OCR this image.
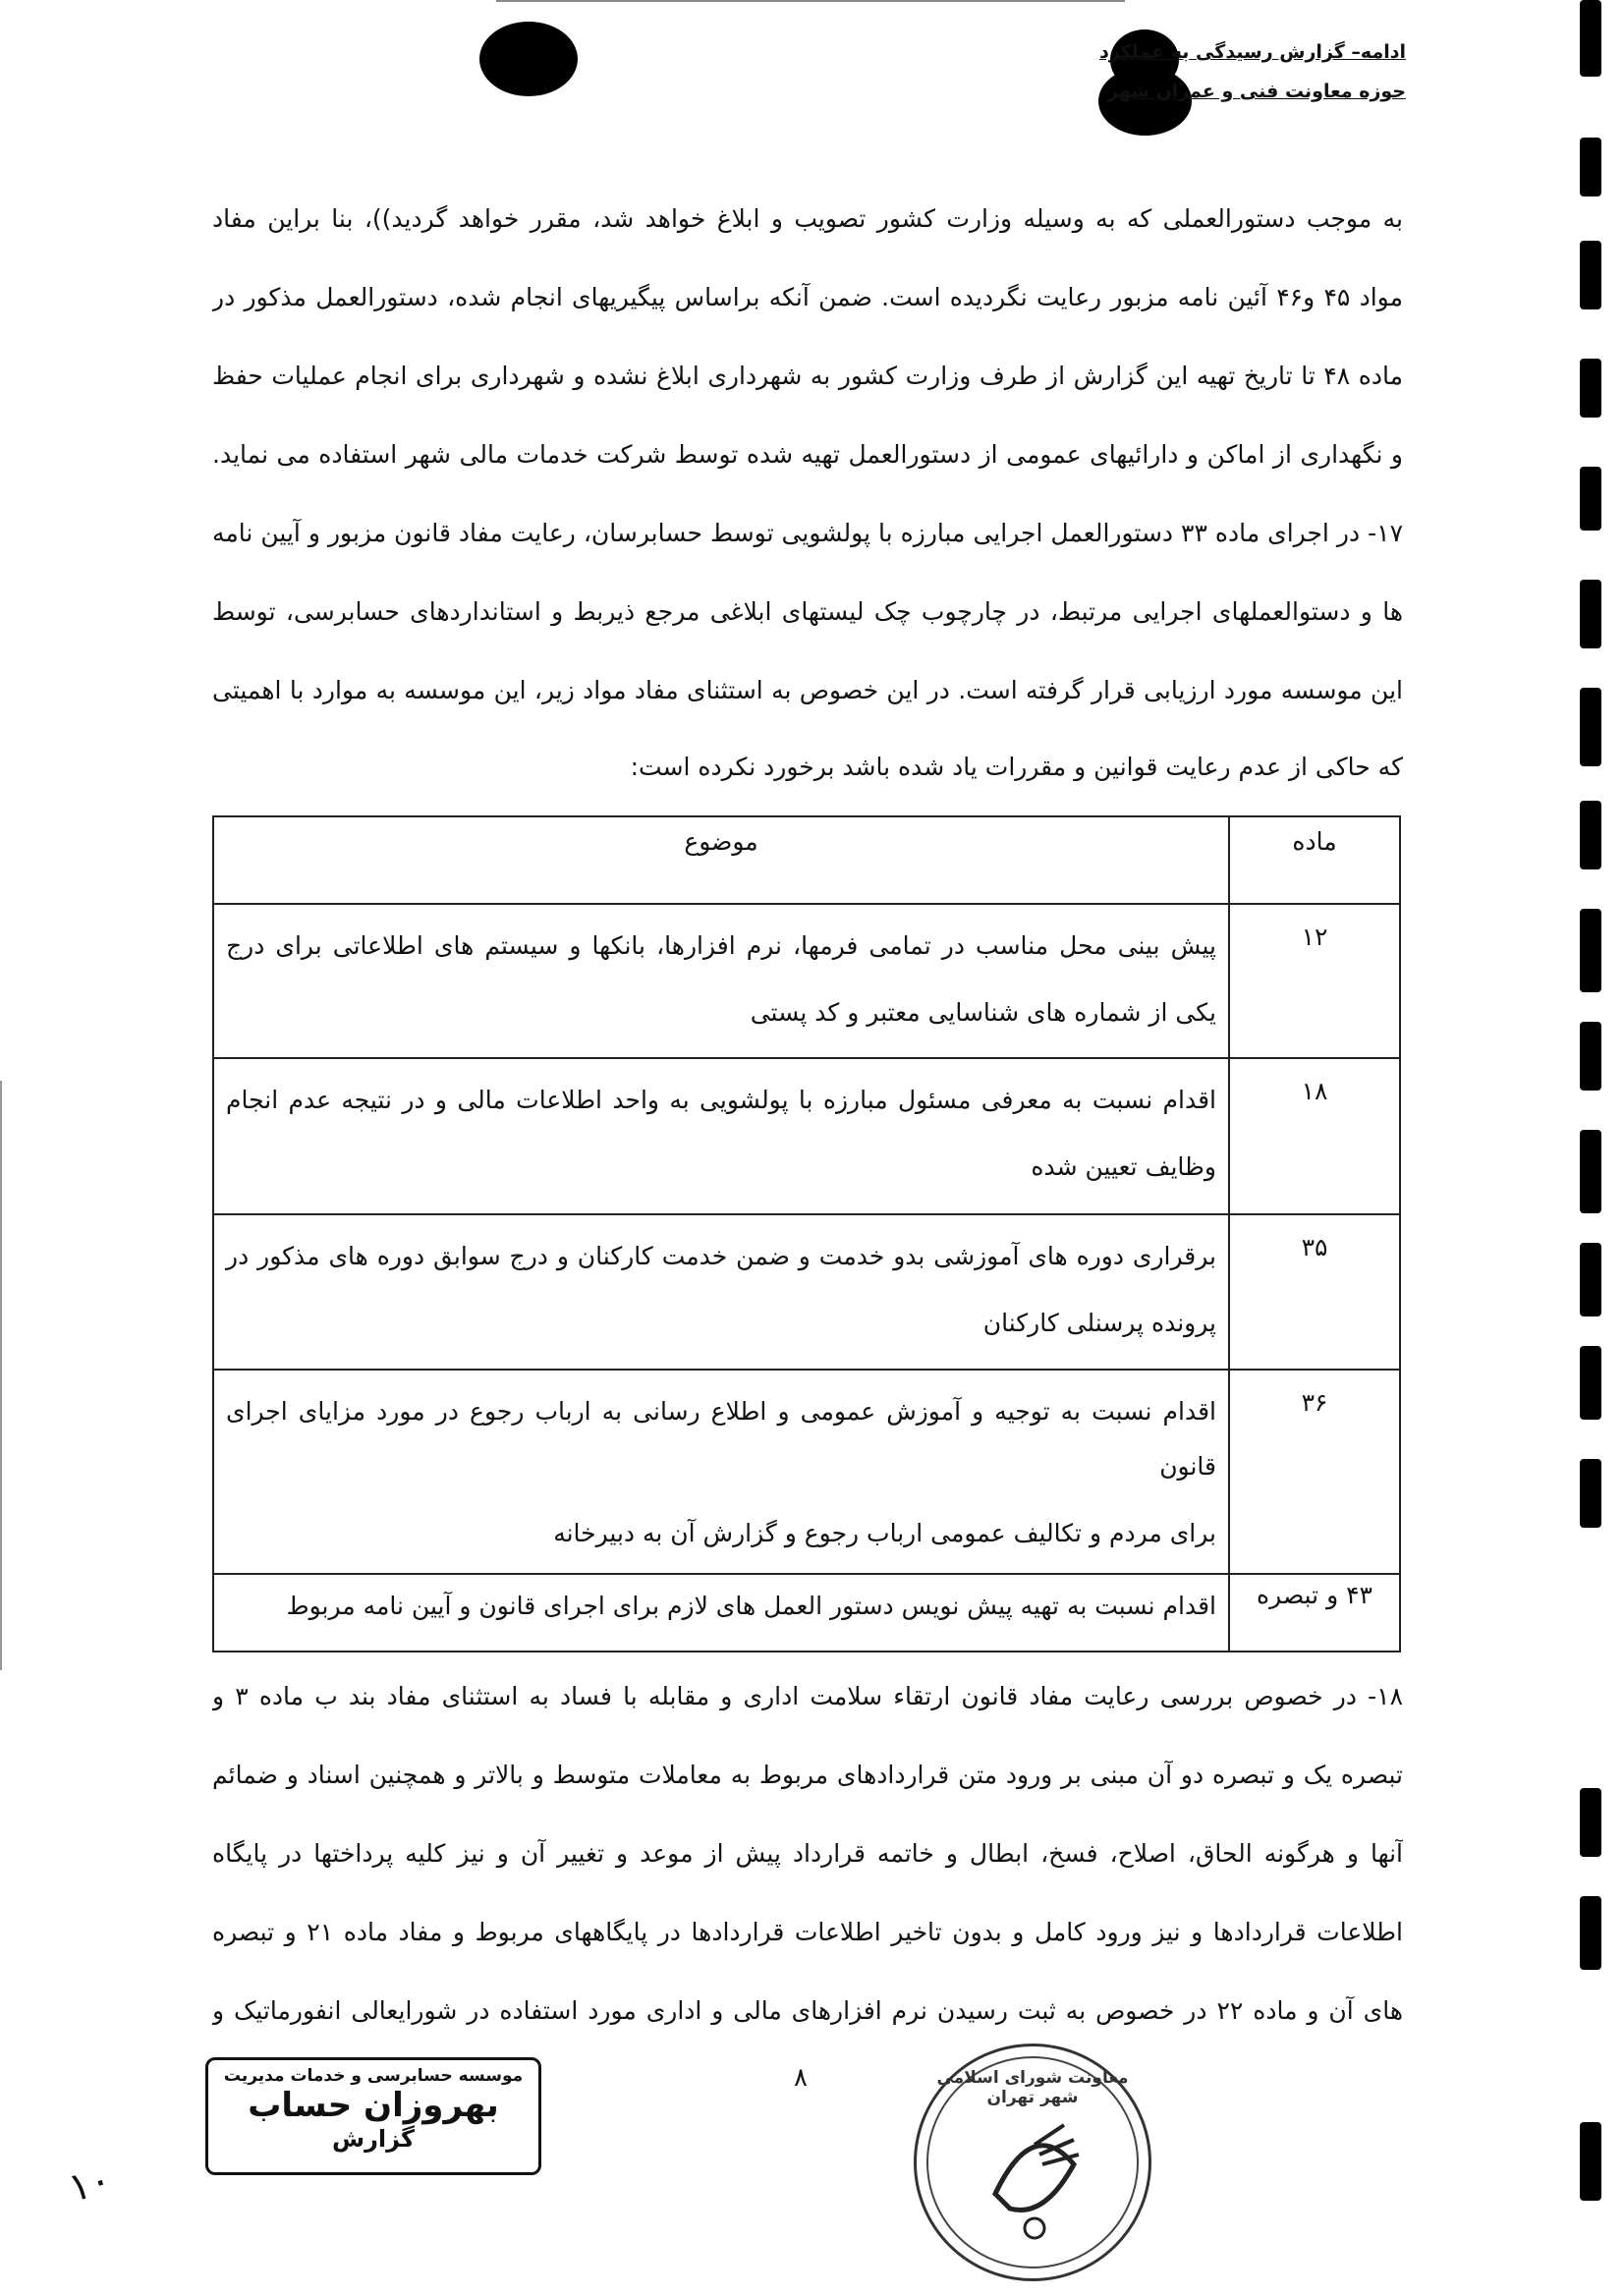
ادامه– گزارش رسیدگی به عملکرد
حوزه معاونت فنی و عمران شهر
به موجب دستورالعملی که به وسیله وزارت کشور تصویب و ابلاغ خواهد شد، مقرر خواهد گردید))، بنا براین مفاد
مواد ۴۵ و۴۶ آئین نامه مزبور رعایت نگردیده است. ضمن آنکه براساس پیگیریهای انجام شده، دستورالعمل مذکور در
ماده ۴۸ تا تاریخ تهیه این گزارش از طرف وزارت کشور به شهرداری ابلاغ نشده و شهرداری برای انجام عملیات حفظ
و نگهداری از اماکن و دارائیهای عمومی از دستورالعمل تهیه شده توسط شرکت خدمات مالی شهر استفاده می نماید.
۱۷- در اجرای ماده ۳۳ دستورالعمل اجرایی مبارزه با پولشویی توسط حسابرسان، رعایت مفاد قانون مزبور و آیین نامه
ها و دستوالعملهای اجرایی مرتبط، در چارچوب چک لیستهای ابلاغی مرجع ذیربط و استانداردهای حسابرسی، توسط
این موسسه مورد ارزیابی قرار گرفته است. در این خصوص به استثنای مفاد مواد زیر، این موسسه به موارد با اهمیتی
که حاکی از عدم رعایت قوانین و مقررات یاد شده باشد برخورد نکرده است:
ماده	موضوع
۱۲	پیش بینی محل مناسب در تمامی فرمها، نرم افزارها، بانکها و سیستم های اطلاعاتی برای درج
یکی از شماره های شناسایی معتبر و کد پستی

۱۸	اقدام نسبت به معرفی مسئول مبارزه با پولشویی به واحد اطلاعات مالی و در نتیجه عدم انجام
وظایف تعیین شده

۳۵	برقراری دوره های آموزشی بدو خدمت و ضمن خدمت کارکنان و درج سوابق دوره های مذکور در
پرونده پرسنلی کارکنان

۳۶	اقدام نسبت به توجیه و آموزش عمومی و اطلاع رسانی به ارباب رجوع در مورد مزایای اجرای قانون
برای مردم و تکالیف عمومی ارباب رجوع و گزارش آن به دبیرخانه

۴۳ و تبصره	اقدام نسبت به تهیه پیش نویس دستور العمل های لازم برای اجرای قانون و آیین نامه مربوط
۱۸- در خصوص بررسی رعایت مفاد قانون ارتقاء سلامت اداری و مقابله با فساد به استثنای مفاد بند ب ماده ۳ و
تبصره یک و تبصره دو آن مبنی بر ورود متن قراردادهای مربوط به معاملات متوسط و بالاتر و همچنین اسناد و ضمائم
آنها و هرگونه الحاق، اصلاح، فسخ، ابطال و خاتمه قرارداد پیش از موعد و تغییر آن و نیز کلیه پرداختها در پایگاه
اطلاعات قراردادها و نیز ورود کامل و بدون تاخیر اطلاعات قراردادها در پایگاههای مربوط و مفاد ماده ۲۱ و تبصره
های آن و ماده ۲۲ در خصوص به ثبت رسیدن نرم افزارهای مالی و اداری مورد استفاده در شورایعالی انفورماتیک و
موسسه حسابرسی و خدمات مدیریت
بهروزان حساب
گزارش
۸	معاونت شورای اسلامی شهر تهران
۱۰
